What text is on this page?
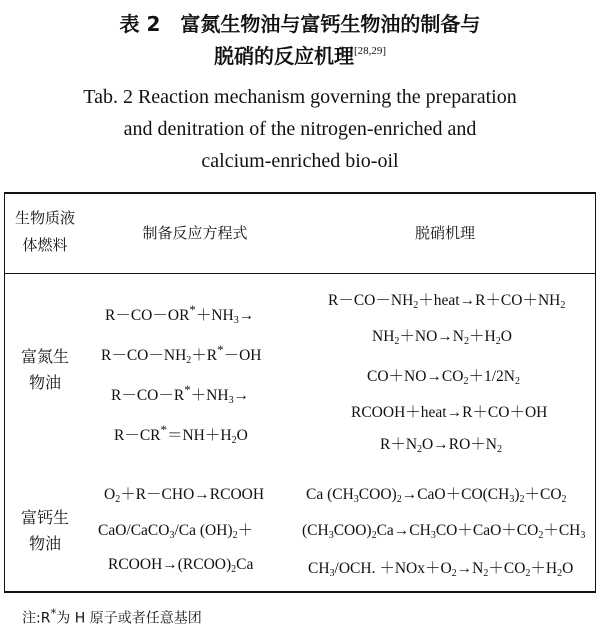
表 2　富氮生物油与富钙生物油的制备与
脱硝的反应机理[28,29]
Tab. 2 Reaction mechanism governing the preparation
and denitration of the nitrogen-enriched and
calcium-enriched bio-oil
生物质液
体燃料
制备反应方程式	脱硝机理
富氮生
物油
$R-CO-OR^*+NH_3\to$
$R-CO-NH_2+R^*-OH$
$R-CO-R^*+NH_3\to$
$R-CR^*=NH+H_2O$
$R-CO-NH_2+heat\to R+CO+NH_2$
$NH_2+NO\to N_2+H_2O$
$CO+NO\to CO_2+1/2N_2$
RCOOH＋heat→R＋CO＋OH
$R+N_2O\to RO+N_2$
富钙生
物油
$O_2+R-CHO\to RCOOH$
CaO/CaCO$_3$/Ca $(OH)_2+$
$RCOOH\to(RCOO)_2Ca$
Ca $(CH_3COO)_2\to CaO+CO(CH_3)_2+CO_2$
$(CH_3COO)_2Ca\to CH_3CO+CaO+CO_2+CH_3$
$CH_3$/OCH. $+NOx+O_2\to N_2+CO_2+H_2O$
注:R*为 H 原子或者任意基团
